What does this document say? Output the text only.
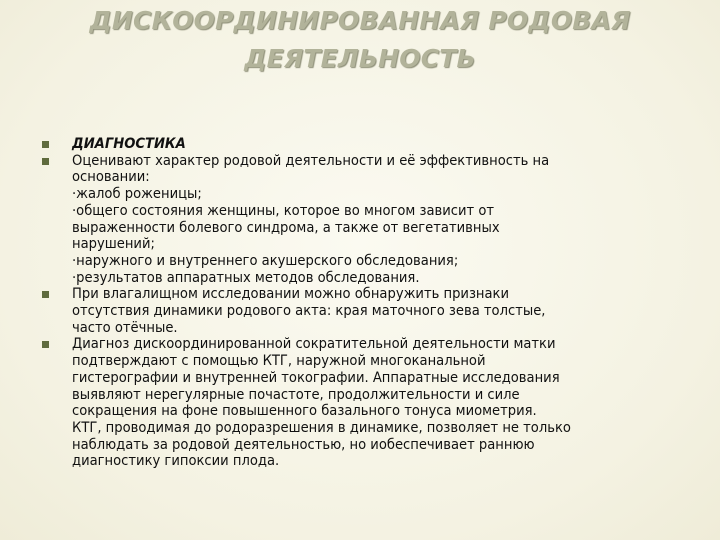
ДИСКООРДИНИРОВАННАЯ РОДОВАЯ
ДЕЯТЕЛЬНОСТЬ
ДИАГНОСТИКА
Оценивают характер родовой деятельности и её эффективность на
основании:
·жалоб роженицы;
·общего состояния женщины, которое во многом зависит от
выраженности болевого синдрома, а также от вегетативных
нарушений;
·наружного и внутреннего акушерского обследования;
·результатов аппаратных методов обследования.
При влагалищном исследовании можно обнаружить признаки
отсутствия динамики родового акта: края маточного зева толстые,
часто отёчные.
Диагноз дискоординированной сократительной деятельности матки
подтверждают с помощью КТГ, наружной многоканальной
гистерографии и внутренней токографии. Аппаратные исследования
выявляют нерегулярные почастоте, продолжительности и силе
сокращения на фоне повышенного базального тонуса миометрия.
КТГ, проводимая до родоразрешения в динамике, позволяет не только
наблюдать за родовой деятельностью, но иобеспечивает раннюю
диагностику гипоксии плода.
